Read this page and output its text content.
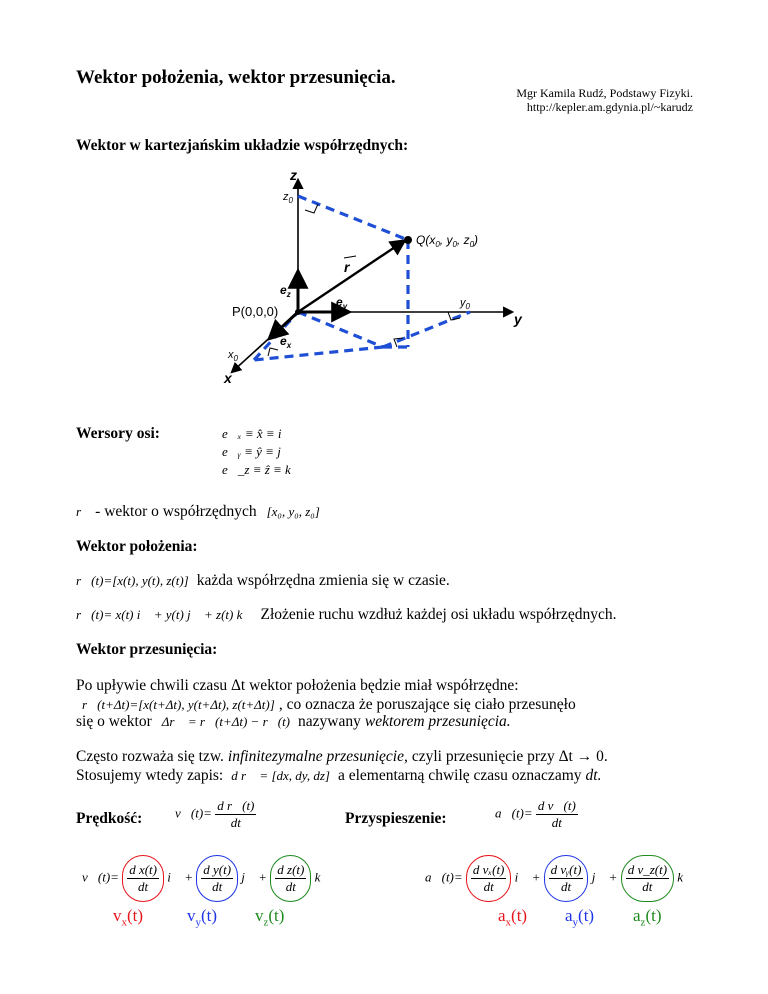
Wektor położenia, wektor przesunięcia.
Mgr Kamila Rudź, Podstawy Fizyki.
http://kepler.am.gdynia.pl/~karudz
Wektor w kartezjańskim układzie współrzędnych:
z
$z_0$
$Q(x_0$, $y_0$, $z_0$)
r
$e_z$
$e_y$
$e_x$
P(0,0,0)
$y_0$
y
$x_0$
x
Wersory osi:	e⃗ₓ ≡ x̂ ≡ i⃗
e⃗ᵧ ≡ ŷ ≡ j⃗
e⃗_z ≡ ẑ ≡ k⃗
r⃗ - wektor o współrzędnych [x₀, y₀, z₀]
Wektor położenia:
r⃗(t)=[x(t), y(t), z(t)] każda współrzędna zmienia się w czasie.
r⃗(t)= x(t) i⃗ + y(t) j⃗ + z(t) k⃗ Złożenie ruchu wzdłuż każdej osi układu współrzędnych.
Wektor przesunięcia:
Po upływie chwili czasu Δt wektor położenia będzie miał współrzędne:
r⃗(t+Δt)=[x(t+Δt), y(t+Δt), z(t+Δt)] , co oznacza że poruszające się ciało przesunęło
się o wektor Δr⃗ = r⃗(t+Δt) − r⃗(t) nazywany wektorem przesunięcia.
Często rozważa się tzw. infinitezymalne przesunięcie, czyli przesunięcie przy Δt → 0.
Stosujemy wtedy zapis: d r⃗ = [dx, dy, dz] a elementarną chwilę czasu oznaczamy dt.
Prędkość:	v⃗(t)= $\frac{\text{d r⃗(t)}}{dt}$
v⃗(t)= $\frac{\text{d x(t)}}{dt}$ i⃗ + $\frac{\text{d y(t)}}{dt}$ j⃗ + $\frac{\text{d z(t)}}{dt}$ k⃗
$v_x(t)$	$v_y(t)$ $v_z(t)$
Przyspieszenie:	a⃗(t)= $\frac{\text{d v⃗(t)}}{dt}$
a⃗(t)= $\frac{\text{d vₓ(t)}}{dt}$ i⃗ + $\frac{\text{d vᵧ(t)}}{dt}$ j⃗ + $\frac{\text{d v\_z(t)}}{dt}$ k⃗
$a_x(t)$ $a_y(t)$ $a_z(t)$
